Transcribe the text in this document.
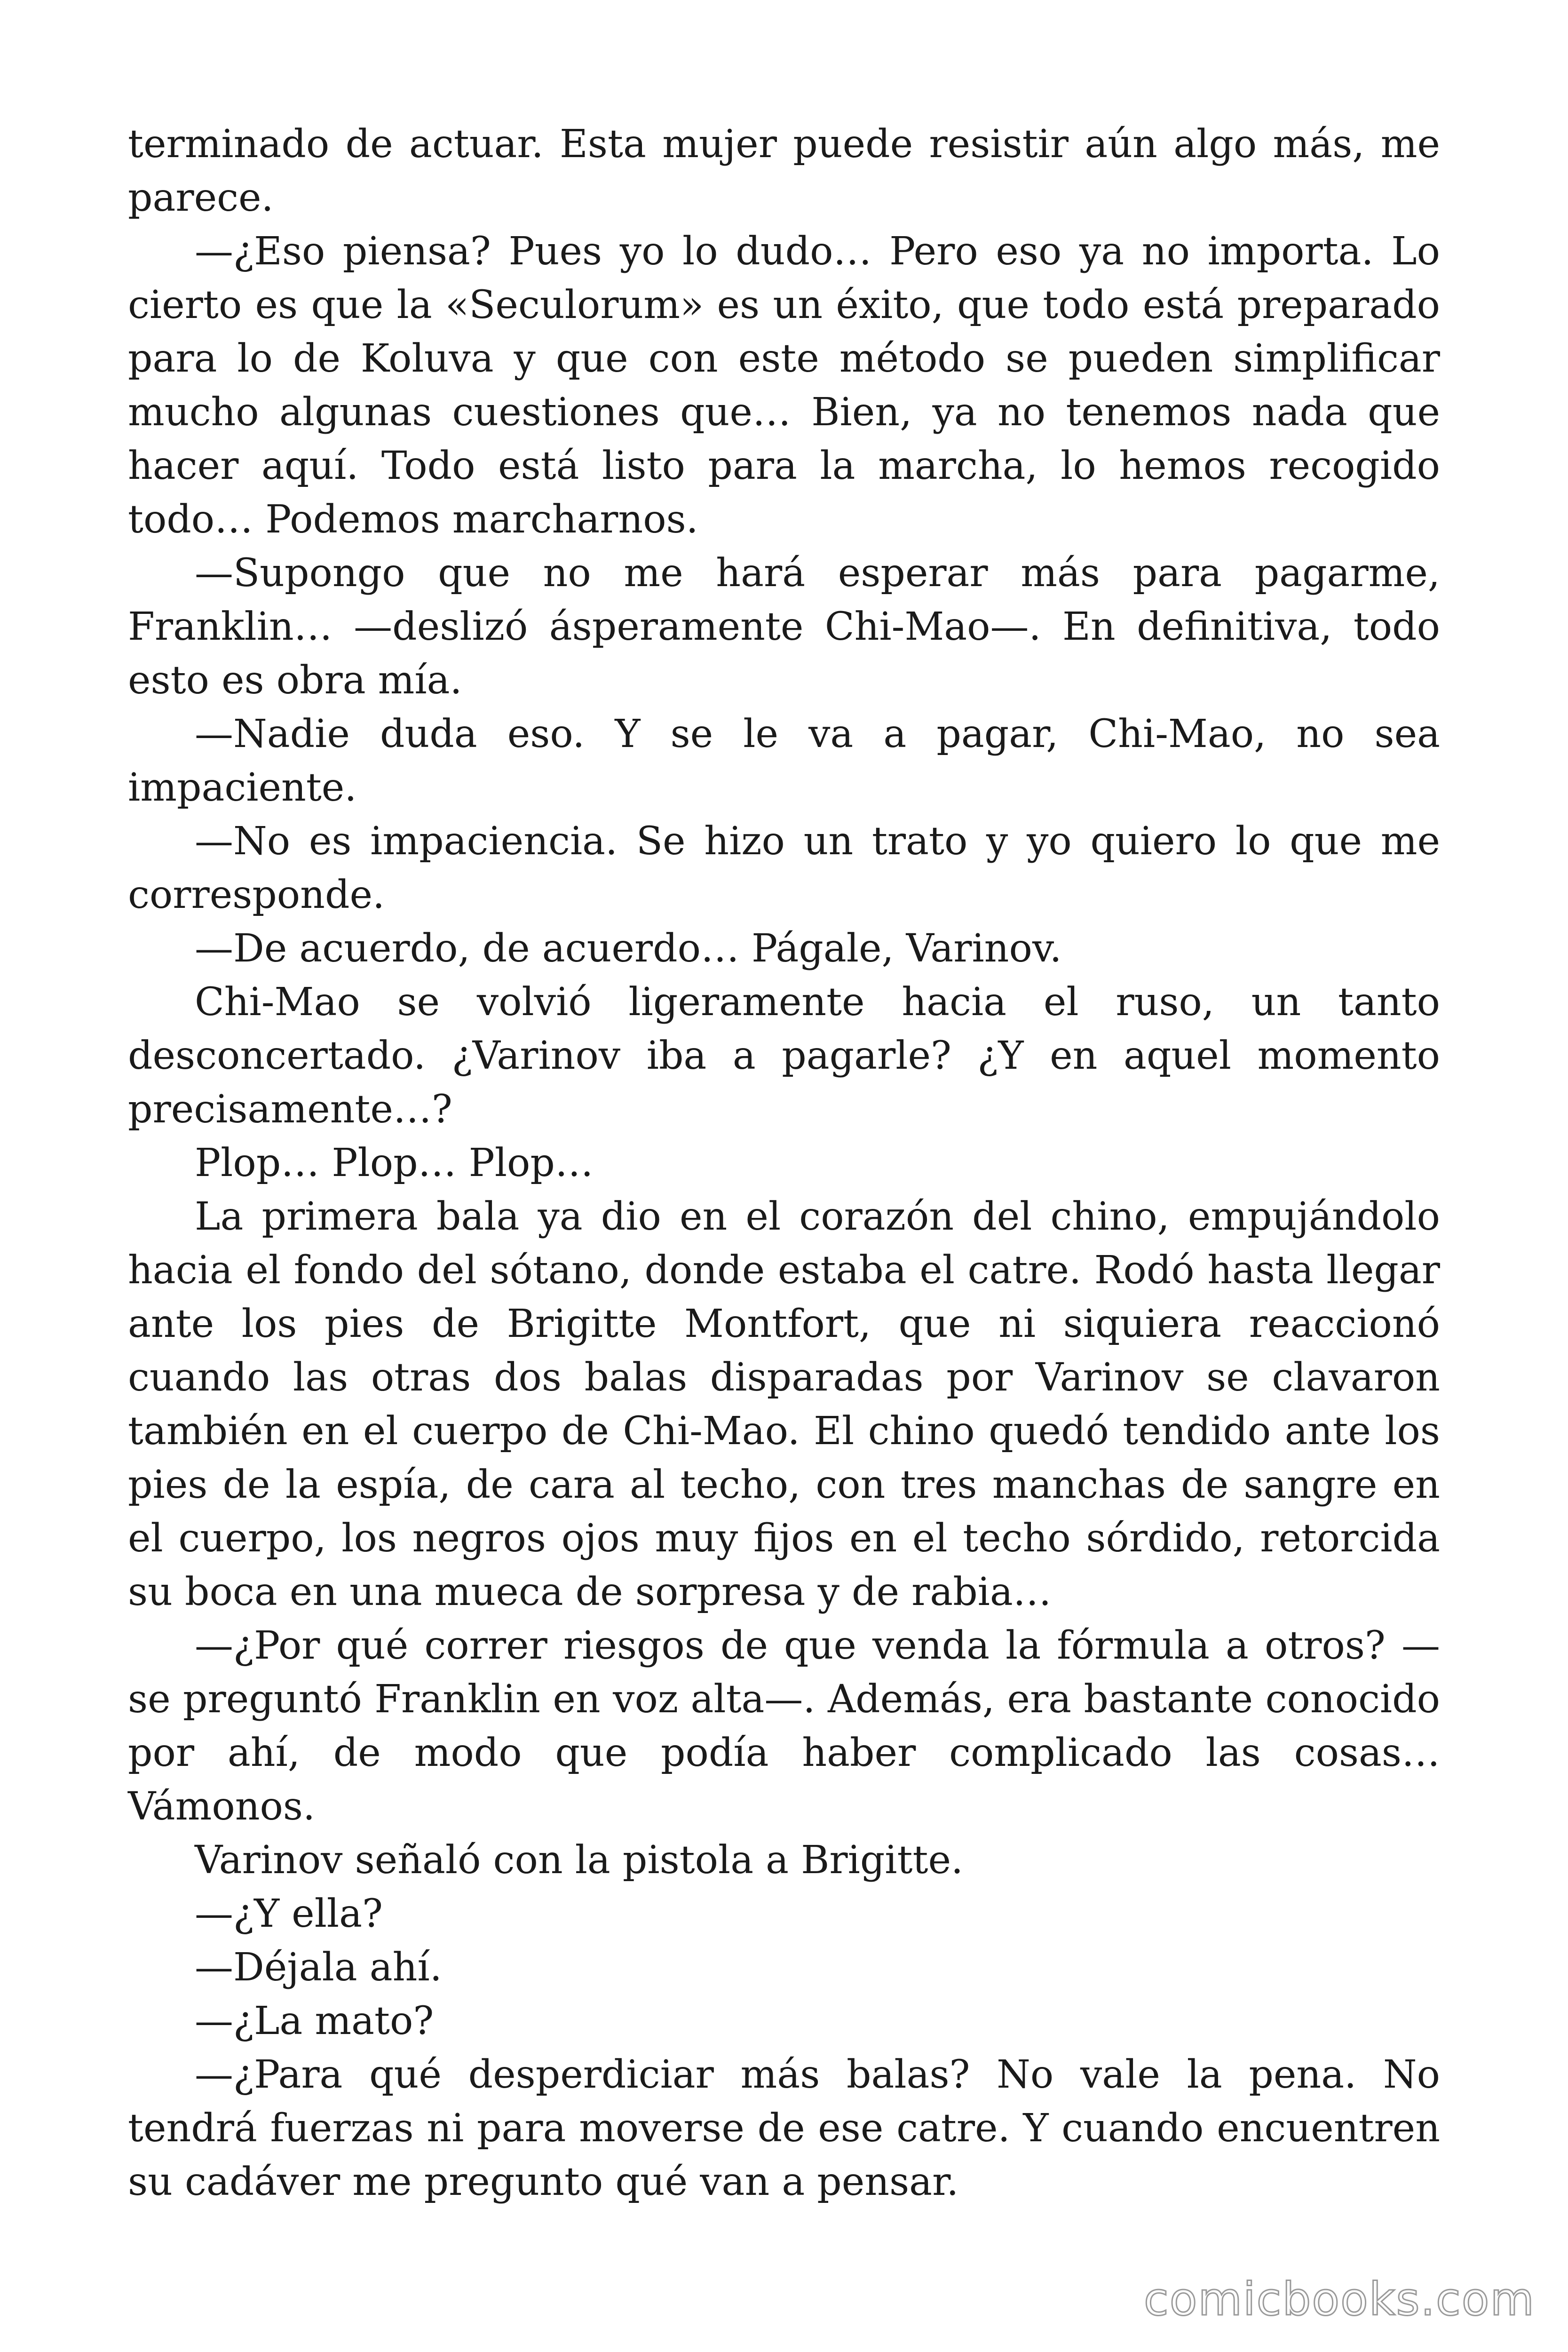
terminado de actuar. Esta mujer puede resistir aún algo más, me parece.

—¿Eso piensa? Pues yo lo dudo… Pero eso ya no importa. Lo cierto es que la «Seculorum» es un éxito, que todo está preparado para lo de Koluva y que con este método se pueden simplificar mucho algunas cuestiones que… Bien, ya no tenemos nada que hacer aquí. Todo está listo para la marcha, lo hemos recogido todo… Podemos marcharnos.

—Supongo que no me hará esperar más para pagarme, Franklin… —deslizó ásperamente Chi-Mao—. En definitiva, todo esto es obra mía.

—Nadie duda eso. Y se le va a pagar, Chi-Mao, no sea impaciente.

—No es impaciencia. Se hizo un trato y yo quiero lo que me corresponde.

—De acuerdo, de acuerdo… Págale, Varinov.

Chi-Mao se volvió ligeramente hacia el ruso, un tanto desconcertado. ¿Varinov iba a pagarle? ¿Y en aquel momento precisamente…?

Plop… Plop… Plop…

La primera bala ya dio en el corazón del chino, empujándolo hacia el fondo del sótano, donde estaba el catre. Rodó hasta llegar ante los pies de Brigitte Montfort, que ni siquiera reaccionó cuando las otras dos balas disparadas por Varinov se clavaron también en el cuerpo de Chi-Mao. El chino quedó tendido ante los pies de la espía, de cara al techo, con tres manchas de sangre en el cuerpo, los negros ojos muy fijos en el techo sórdido, retorcida su boca en una mueca de sorpresa y de rabia…

—¿Por qué correr riesgos de que venda la fórmula a otros? —se preguntó Franklin en voz alta—. Además, era bastante conocido por ahí, de modo que podía haber complicado las cosas… Vámonos.

Varinov señaló con la pistola a Brigitte.

—¿Y ella?

—Déjala ahí.

—¿La mato?

—¿Para qué desperdiciar más balas? No vale la pena. No tendrá fuerzas ni para moverse de ese catre. Y cuando encuentren su cadáver me pregunto qué van a pensar.

comicbooks.com
